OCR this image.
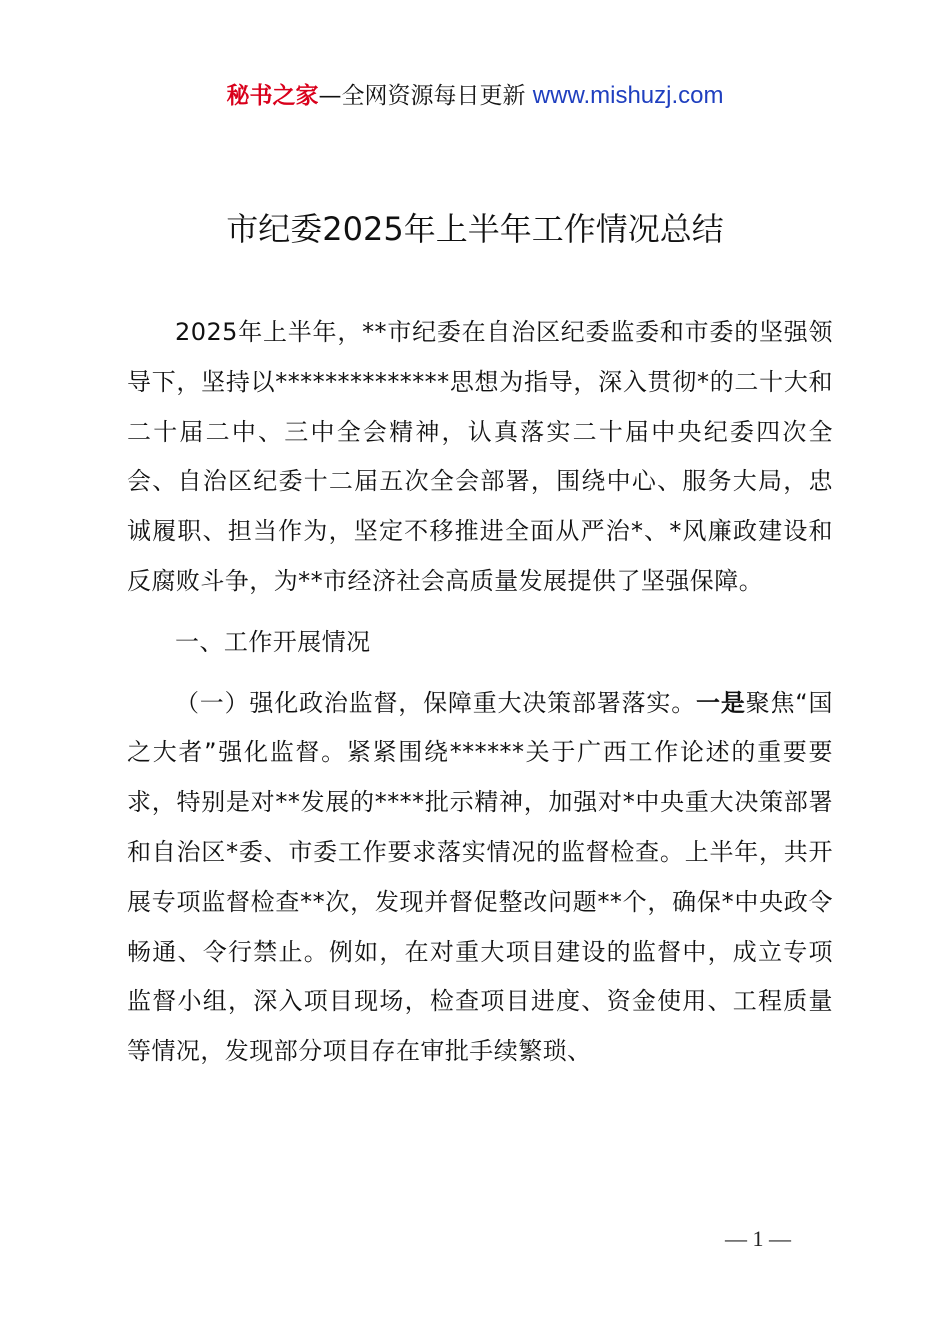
秘书之家—全网资源每日更新 www.mishuzj.com
市纪委2025年上半年工作情况总结

2025年上半年，**市纪委在自治区纪委监委和市委的坚强领导下，坚持以**************思想为指导，深入贯彻*的二十大和二十届二中、三中全会精神，认真落实二十届中央纪委四次全会、自治区纪委十二届五次全会部署，围绕中心、服务大局，忠诚履职、担当作为，坚定不移推进全面从严治*、*风廉政建设和反腐败斗争，为**市经济社会高质量发展提供了坚强保障。

一、工作开展情况

（一）强化政治监督，保障重大决策部署落实。一是聚焦“国之大者”强化监督。紧紧围绕******关于广西工作论述的重要要求，特别是对**发展的****批示精神，加强对*中央重大决策部署和自治区*委、市委工作要求落实情况的监督检查。上半年，共开展专项监督检查**次，发现并督促整改问题**个，确保*中央政令畅通、令行禁止。例如，在对重大项目建设的监督中，成立专项监督小组，深入项目现场，检查项目进度、资金使用、工程质量等情况，发现部分项目存在审批手续繁琐、

— 1 —
